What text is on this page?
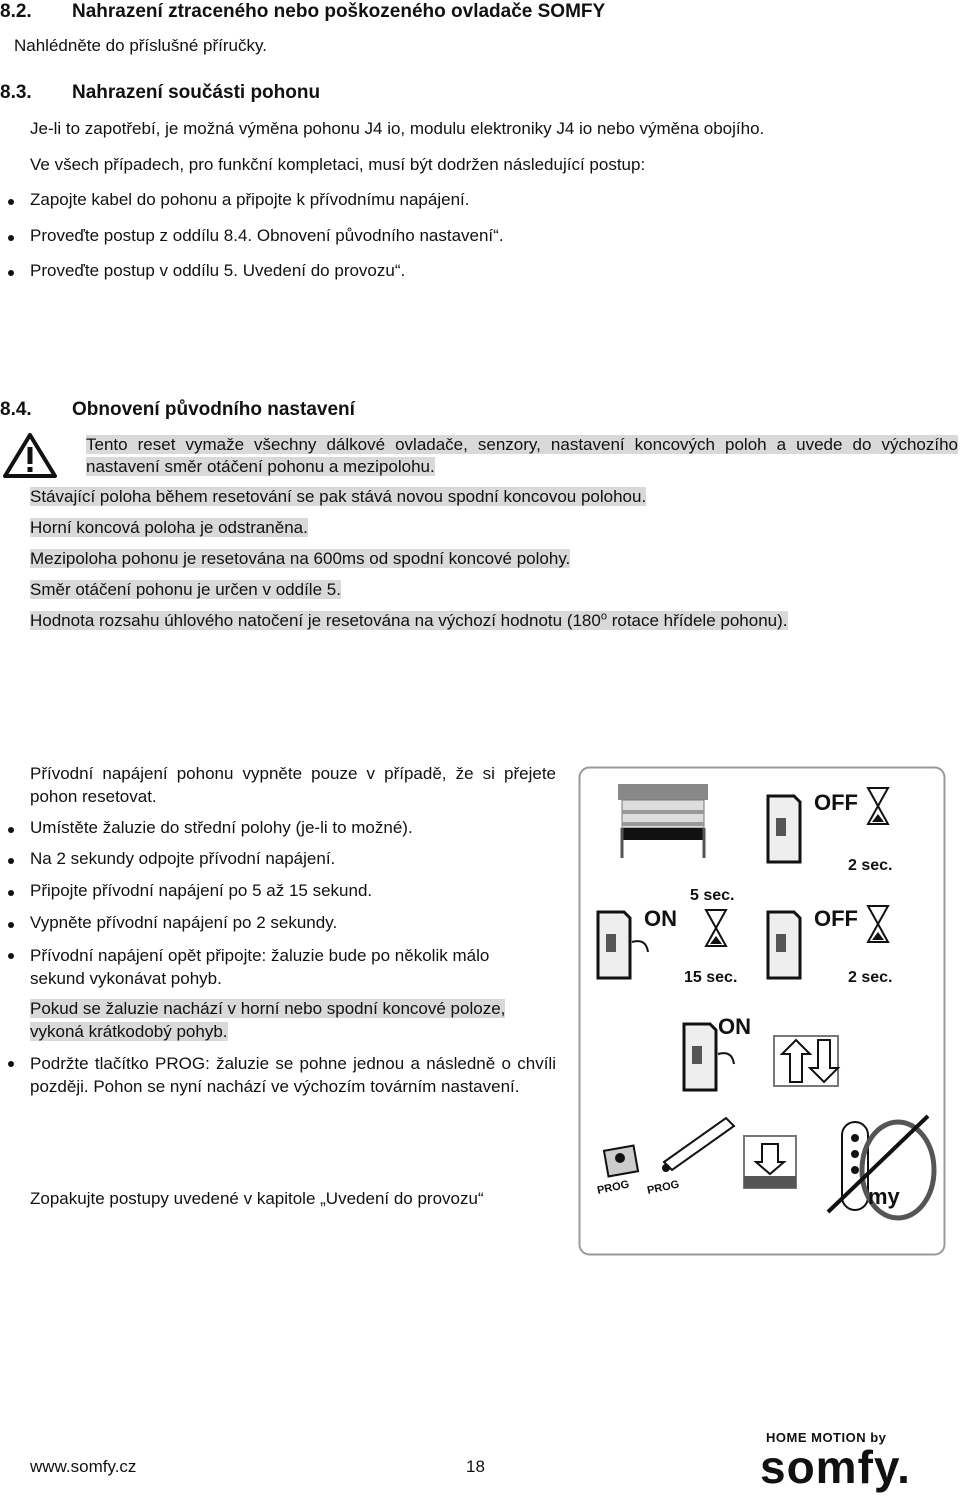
8.2. Nahrazení ztraceného nebo poškozeného ovladače SOMFY
Nahlédněte do příslušné příručky.
8.3. Nahrazení součásti pohonu
Je-li to zapotřebí, je možná výměna pohonu J4 io, modulu elektroniky J4 io nebo výměna obojího.
Ve všech případech, pro funkční kompletaci, musí být dodržen následující postup:
Zapojte kabel do pohonu a připojte k přívodnímu napájení.
Proveďte postup z oddílu 8.4. Obnovení původního nastavení“.
Proveďte postup v oddílu 5. Uvedení do provozu“.
8.4. Obnovení původního nastavení
Tento reset vymaže všechny dálkové ovladače, senzory, nastavení koncových poloh a uvede do výchozího nastavení směr otáčení pohonu a mezipolohu.
Stávající poloha během resetování se pak stává novou spodní koncovou polohou.
Horní koncová poloha je odstraněna.
Mezipoloha pohonu je resetována na 600ms od spodní koncové polohy.
Směr otáčení pohonu je určen v oddíle 5.
Hodnota rozsahu úhlového natočení je resetována na výchozí hodnotu (180$^o$ rotace hřídele pohonu).
Přívodní napájení pohonu vypněte pouze v případě, že si přejete pohon resetovat.
Umístěte žaluzie do střední polohy (je-li to možné).
Na 2 sekundy odpojte přívodní napájení.
Připojte přívodní napájení po 5 až 15 sekund.
Vypněte přívodní napájení po 2 sekundy.
Přívodní napájení opět připojte: žaluzie bude po několik málo sekund vykonávat pohyb.
Pokud se žaluzie nachází v horní nebo spodní koncové poloze, vykoná krátkodobý pohyb.
Podržte tlačítko PROG: žaluzie se pohne jednou a následně o chvíli později. Pohon se nyní nachází ve výchozím továrním nastavení.
Zopakujte postupy uvedené v kapitole „Uvedení do provozu“
OFF
2 sec.
ON
5 sec.
15 sec.
OFF
2 sec.
ON
PROG PROG	my
www.somfy.cz	18
HOME MOTION by
somfy.
